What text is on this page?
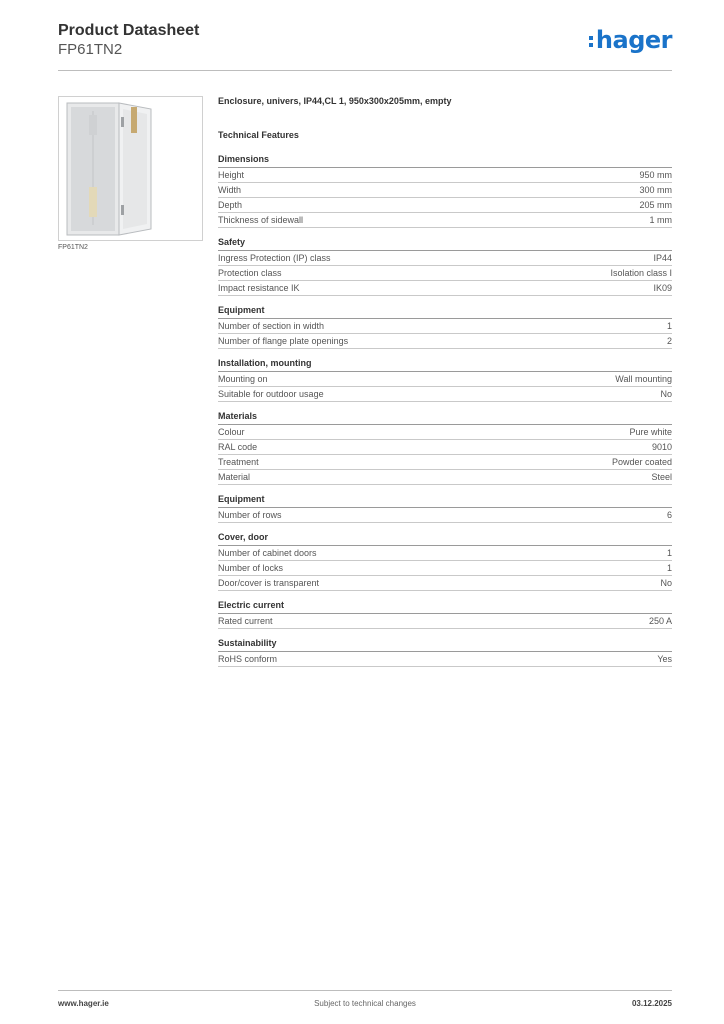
Product Datasheet
FP61TN2	hager
FP61TN2
Enclosure, univers, IP44,CL 1, 950x300x205mm, empty
Technical Features
Dimensions
Height	950 mm
Width	300 mm
Depth	205 mm
Thickness of sidewall	1 mm
Safety
Ingress Protection (IP) class	IP44
Protection class	Isolation class I
Impact resistance IK	IK09
Equipment
Number of section in width	1
Number of flange plate openings	2
Installation, mounting
Mounting on	Wall mounting
Suitable for outdoor usage	No
Materials
Colour	Pure white
RAL code	9010
Treatment	Powder coated
Material	Steel
Equipment
Number of rows	6
Cover, door
Number of cabinet doors	1
Number of locks	1
Door/cover is transparent	No
Electric current
Rated current	250 A
Sustainability
RoHS conform	Yes
www.hager.ie	Subject to technical changes	03.12.2025
